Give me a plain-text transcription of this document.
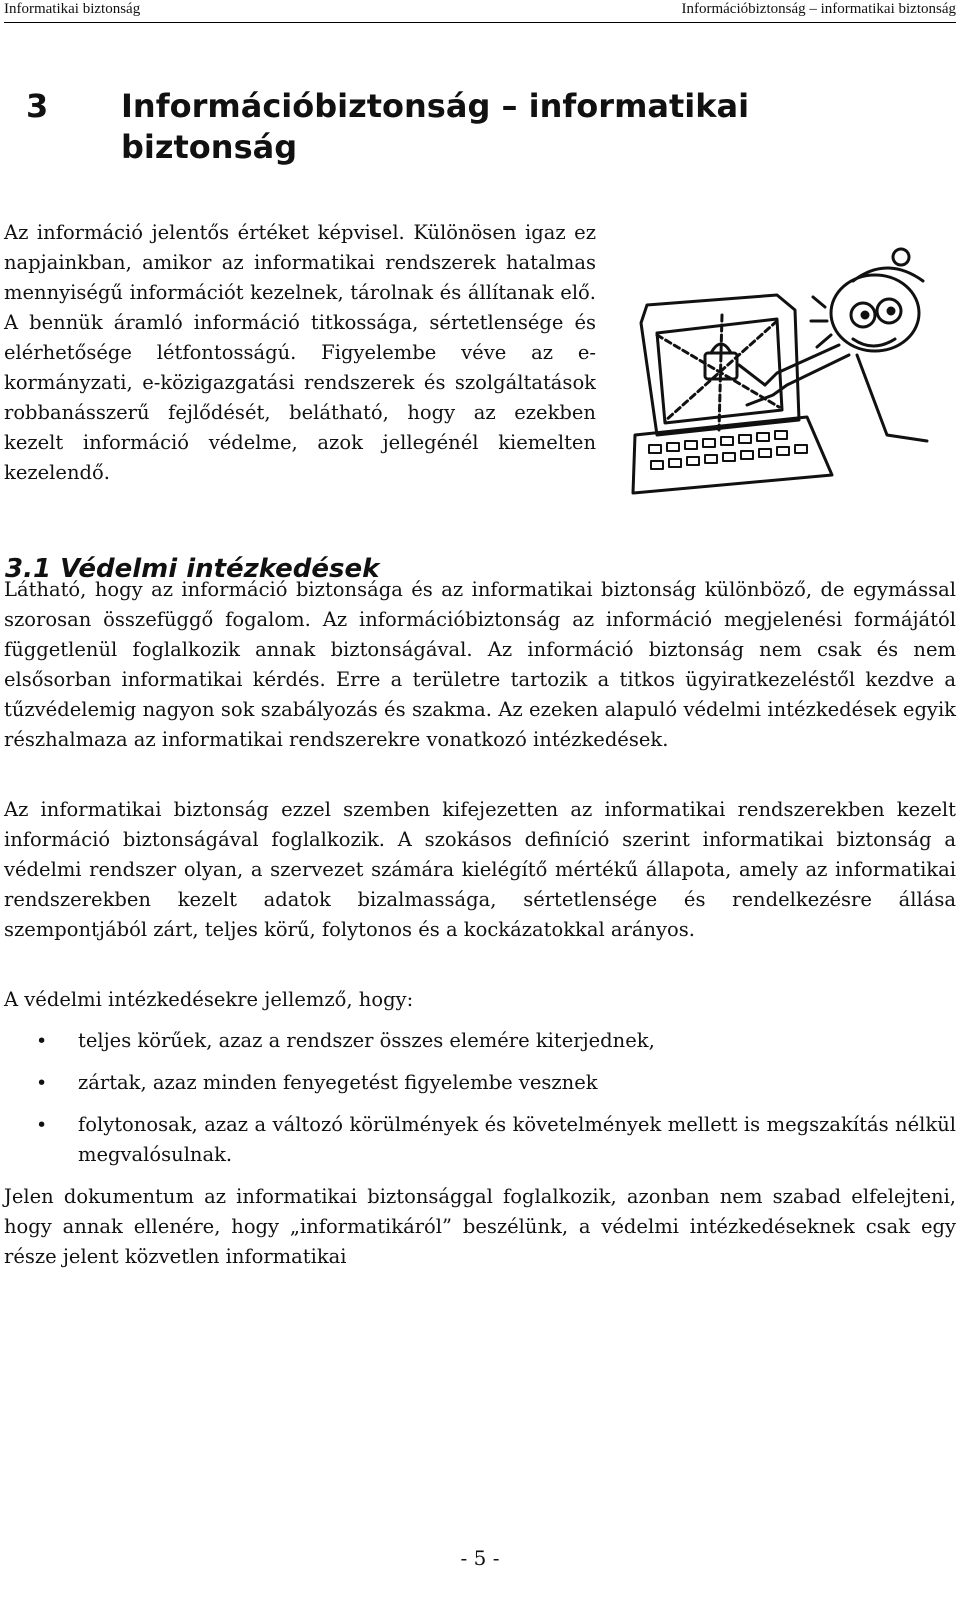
Informatikai biztonság	Információbiztonság – informatikai biztonság
3	Információbiztonság – informatikai biztonság

Az információ jelentős értéket képvisel. Különösen igaz ez napjainkban, amikor az informatikai rendszerek hatalmas mennyiségű információt kezelnek, tárolnak és állítanak elő. A bennük áramló információ titkossága, sértetlensége és elérhetősége létfontosságú. Figyelembe véve az e-kormányzati, e-közigazgatási rendszerek és szolgáltatások robbanásszerű fejlődését, belátható, hogy az ezekben kezelt információ védelme, azok jellegénél kiemelten kezelendő.

3.1 Védelmi intézkedések

Látható, hogy az információ biztonsága és az informatikai biztonság különböző, de egymással szorosan összefüggő fogalom. Az információbiztonság az információ megjelenési formájától függetlenül foglalkozik annak biztonságával. Az információ biztonság nem csak és nem elsősorban informatikai kérdés. Erre a területre tartozik a titkos ügyiratkezeléstől kezdve a tűzvédelemig nagyon sok szabályozás és szakma. Az ezeken alapuló védelmi intézkedések egyik részhalmaza az informatikai rendszerekre vonatkozó intézkedések.

Az informatikai biztonság ezzel szemben kifejezetten az informatikai rendszerekben kezelt információ biztonságával foglalkozik. A szokásos definíció szerint informatikai biztonság a védelmi rendszer olyan, a szervezet számára kielégítő mértékű állapota, amely az informatikai rendszerekben kezelt adatok bizalmassága, sértetlensége és rendelkezésre állása szempontjából zárt, teljes körű, folytonos és a kockázatokkal arányos.

A védelmi intézkedésekre jellemző, hogy:

• teljes körűek, azaz a rendszer összes elemére kiterjednek,
• zártak, azaz minden fenyegetést figyelembe vesznek
• folytonosak, azaz a változó körülmények és követelmények mellett is megszakítás nélkül megvalósulnak.

Jelen dokumentum az informatikai biztonsággal foglalkozik, azonban nem szabad elfelejteni, hogy annak ellenére, hogy „informatikáról” beszélünk, a védelmi intézkedéseknek csak egy része jelent közvetlen informatikai

- 5 -
